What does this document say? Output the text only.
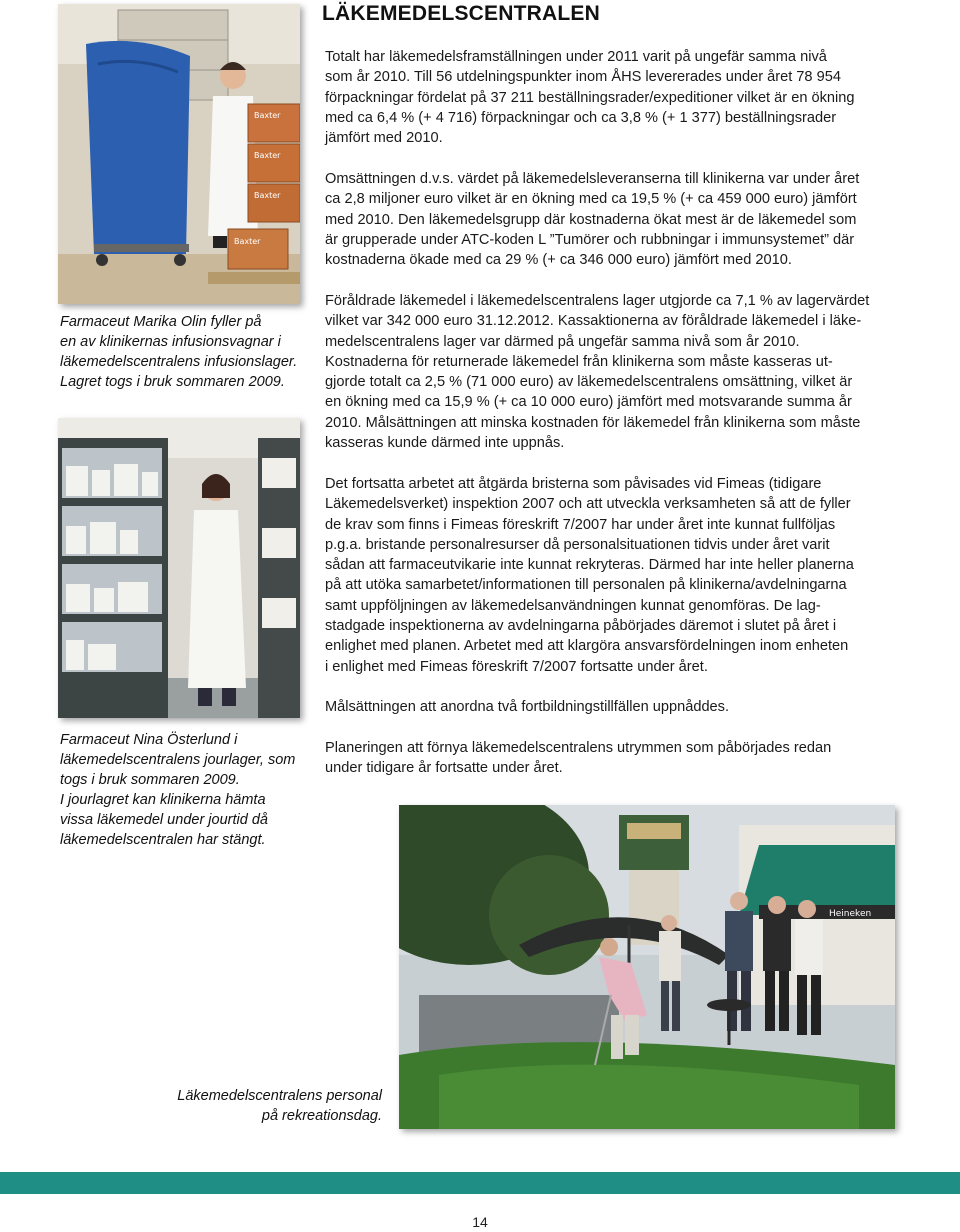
Baxter
Baxter
Baxter
Baxter

Farmaceut Marika Olin fyller på
en av klinikernas infusionsvagnar i
läkemedelscentralens infusionslager.
Lagret togs i bruk sommaren 2009.

Farmaceut Nina Österlund i
läkemedelscentralens jourlager, som
togs i bruk sommaren 2009.
I jourlagret kan klinikerna hämta
vissa läkemedel under jourtid då
läkemedelscentralen har stängt.

LÄKEMEDELSCENTRALEN

Totalt har läkemedelsframställningen under 2011 varit på ungefär samma nivå
som år 2010. Till 56 utdelningspunkter inom ÅHS levererades under året 78 954
förpackningar fördelat på 37 211 beställningsrader/expeditioner vilket är en ökning
med ca 6,4 % (+ 4 716) förpackningar och ca 3,8 % (+ 1 377) beställningsrader
jämfört med 2010.

Omsättningen d.v.s. värdet på läkemedelsleveranserna till klinikerna var under året
ca 2,8 miljoner euro vilket är en ökning med ca 19,5 % (+ ca 459 000 euro) jämfört
med 2010. Den läkemedelsgrupp där kostnaderna ökat mest är de läkemedel som
är grupperade under ATC-koden L ”Tumörer och rubbningar i immunsystemet” där
kostnaderna ökade med ca 29 % (+ ca 346 000 euro) jämfört med 2010.

Föråldrade läkemedel i läkemedelscentralens lager utgjorde ca 7,1 % av lagervärdet
vilket var 342 000 euro 31.12.2012. Kassaktionerna av föråldrade läkemedel i läke-
medelscentralens lager var därmed på ungefär samma nivå som år 2010.
Kostnaderna för returnerade läkemedel från klinikerna som måste kasseras ut-
gjorde totalt ca 2,5 % (71 000 euro) av läkemedelscentralens omsättning, vilket är
en ökning med ca 15,9 % (+ ca 10 000 euro) jämfört med motsvarande summa år
2010. Målsättningen att minska kostnaden för läkemedel från klinikerna som måste
kasseras kunde därmed inte uppnås.

Det fortsatta arbetet att åtgärda bristerna som påvisades vid Fimeas (tidigare
Läkemedelsverket) inspektion 2007 och att utveckla verksamheten så att de fyller
de krav som finns i Fimeas föreskrift 7/2007 har under året inte kunnat fullföljas
p.g.a. bristande personalresurser då personalsituationen tidvis under året varit
sådan att farmaceutvikarie inte kunnat rekryteras. Därmed har inte heller planerna
på att utöka samarbetet/informationen till personalen på klinikerna/avdelningarna
samt uppföljningen av läkemedelsanvändningen kunnat genomföras. De lag-
stadgade inspektionerna av avdelningarna påbörjades däremot i slutet på året i
enlighet med planen. Arbetet med att klargöra ansvarsfördelningen inom enheten
i enlighet med Fimeas föreskrift 7/2007 fortsatte under året.

Målsättningen att anordna två fortbildningstillfällen uppnåddes.

Planeringen att förnya läkemedelscentralens utrymmen som påbörjades redan
under tidigare år fortsatte under året.

Heineken

Läkemedelscentralens personal
på rekreationsdag.

14
